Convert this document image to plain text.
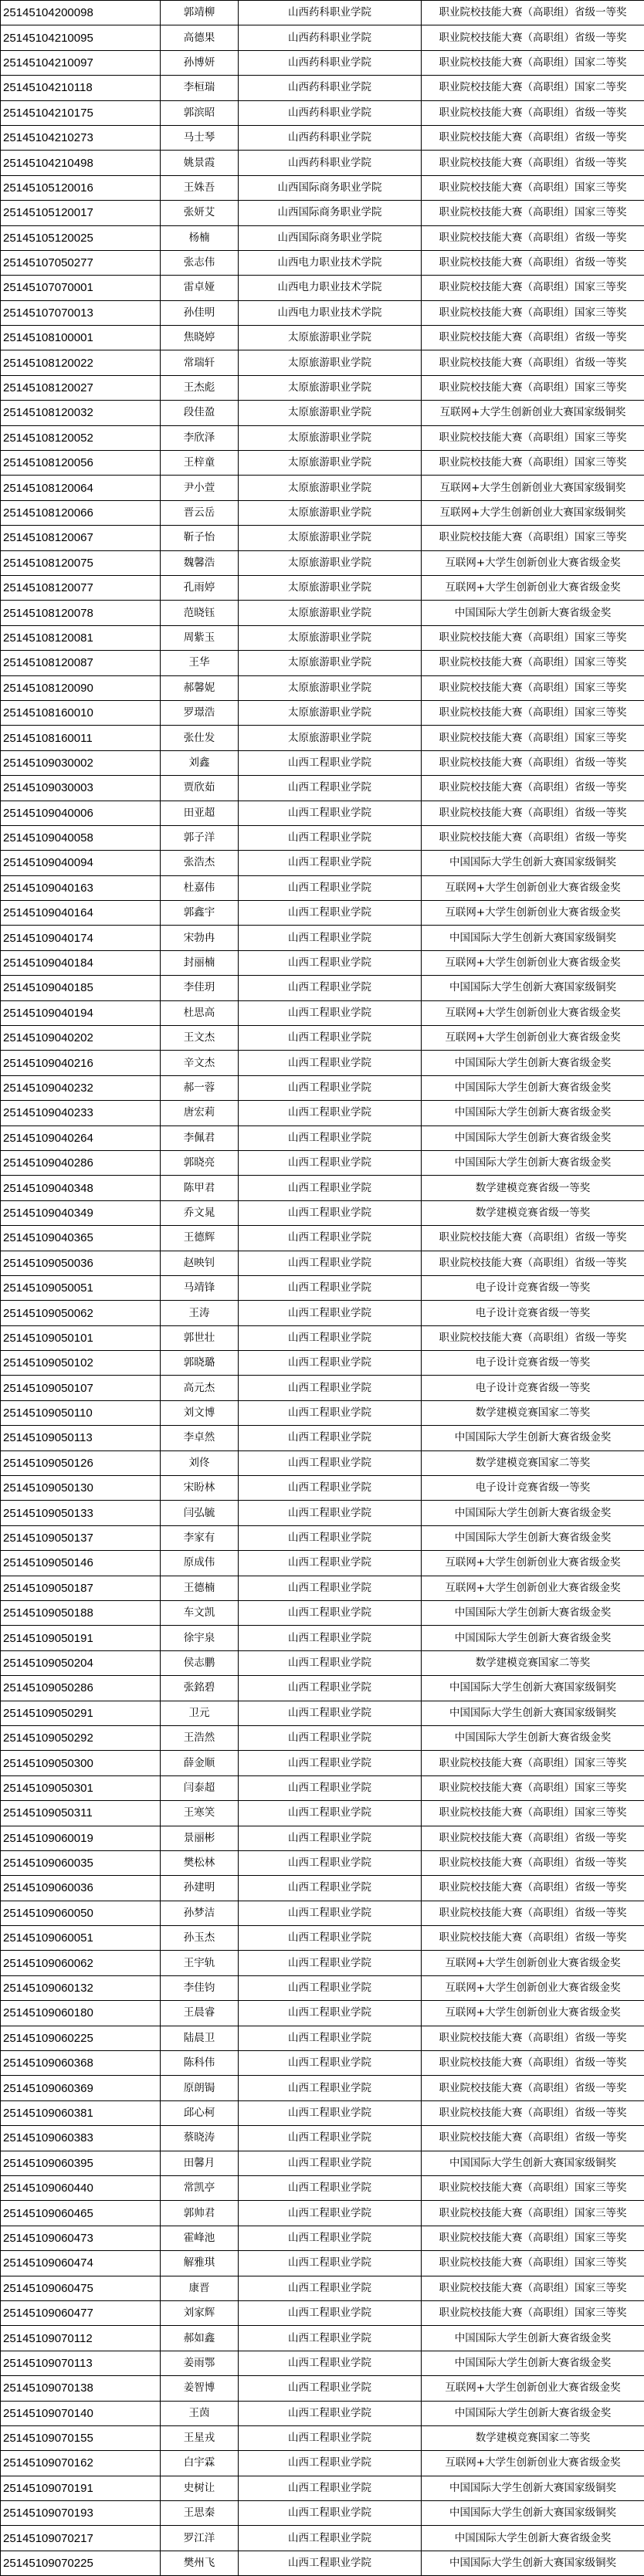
25145104200098	郭靖柳	山西药科职业学院	职业院校技能大赛（高职组）省级一等奖
25145104210095	高德果	山西药科职业学院	职业院校技能大赛（高职组）省级一等奖
25145104210097	孙博妍	山西药科职业学院	职业院校技能大赛（高职组）国家二等奖
25145104210118	李桓瑞	山西药科职业学院	职业院校技能大赛（高职组）国家二等奖
25145104210175	郭滨昭	山西药科职业学院	职业院校技能大赛（高职组）省级一等奖
25145104210273	马士琴	山西药科职业学院	职业院校技能大赛（高职组）省级一等奖
25145104210498	姚景霞	山西药科职业学院	职业院校技能大赛（高职组）省级一等奖
25145105120016	王姝吾	山西国际商务职业学院	职业院校技能大赛（高职组）国家三等奖
25145105120017	张妍艾	山西国际商务职业学院	职业院校技能大赛（高职组）国家三等奖
25145105120025	杨楠	山西国际商务职业学院	职业院校技能大赛（高职组）省级一等奖
25145107050277	张志伟	山西电力职业技术学院	职业院校技能大赛（高职组）省级一等奖
25145107070001	雷卓娅	山西电力职业技术学院	职业院校技能大赛（高职组）国家三等奖
25145107070013	孙佳明	山西电力职业技术学院	职业院校技能大赛（高职组）国家三等奖
25145108100001	焦晓婷	太原旅游职业学院	职业院校技能大赛（高职组）省级一等奖
25145108120022	常瑞轩	太原旅游职业学院	职业院校技能大赛（高职组）省级一等奖
25145108120027	王杰彪	太原旅游职业学院	职业院校技能大赛（高职组）国家三等奖
25145108120032	段佳盈	太原旅游职业学院	互联网+大学生创新创业大赛国家级铜奖
25145108120052	李欣泽	太原旅游职业学院	职业院校技能大赛（高职组）国家三等奖
25145108120056	王梓童	太原旅游职业学院	职业院校技能大赛（高职组）国家三等奖
25145108120064	尹小萱	太原旅游职业学院	互联网+大学生创新创业大赛国家级铜奖
25145108120066	晋云岳	太原旅游职业学院	互联网+大学生创新创业大赛国家级铜奖
25145108120067	靳子怡	太原旅游职业学院	职业院校技能大赛（高职组）国家三等奖
25145108120075	魏馨浩	太原旅游职业学院	互联网+大学生创新创业大赛省级金奖
25145108120077	孔雨婷	太原旅游职业学院	互联网+大学生创新创业大赛省级金奖
25145108120078	范晓钰	太原旅游职业学院	中国国际大学生创新大赛省级金奖
25145108120081	周紫玉	太原旅游职业学院	职业院校技能大赛（高职组）国家三等奖
25145108120087	王华	太原旅游职业学院	职业院校技能大赛（高职组）国家三等奖
25145108120090	郝馨妮	太原旅游职业学院	职业院校技能大赛（高职组）国家三等奖
25145108160010	罗璟浩	太原旅游职业学院	职业院校技能大赛（高职组）国家三等奖
25145108160011	张仕发	太原旅游职业学院	职业院校技能大赛（高职组）国家三等奖
25145109030002	刘鑫	山西工程职业学院	职业院校技能大赛（高职组）省级一等奖
25145109030003	贾欣茹	山西工程职业学院	职业院校技能大赛（高职组）省级一等奖
25145109040006	田亚超	山西工程职业学院	职业院校技能大赛（高职组）省级一等奖
25145109040058	郭子洋	山西工程职业学院	职业院校技能大赛（高职组）省级一等奖
25145109040094	张浩杰	山西工程职业学院	中国国际大学生创新大赛国家级铜奖
25145109040163	杜嘉伟	山西工程职业学院	互联网+大学生创新创业大赛省级金奖
25145109040164	郭鑫宇	山西工程职业学院	互联网+大学生创新创业大赛省级金奖
25145109040174	宋勃冉	山西工程职业学院	中国国际大学生创新大赛国家级铜奖
25145109040184	封丽楠	山西工程职业学院	互联网+大学生创新创业大赛省级金奖
25145109040185	李佳玥	山西工程职业学院	中国国际大学生创新大赛国家级铜奖
25145109040194	杜思高	山西工程职业学院	互联网+大学生创新创业大赛省级金奖
25145109040202	王文杰	山西工程职业学院	互联网+大学生创新创业大赛省级金奖
25145109040216	辛文杰	山西工程职业学院	中国国际大学生创新大赛省级金奖
25145109040232	郝一蓉	山西工程职业学院	中国国际大学生创新大赛省级金奖
25145109040233	唐宏莉	山西工程职业学院	中国国际大学生创新大赛省级金奖
25145109040264	李佩君	山西工程职业学院	中国国际大学生创新大赛省级金奖
25145109040286	郭晓亮	山西工程职业学院	中国国际大学生创新大赛省级金奖
25145109040348	陈甲君	山西工程职业学院	数学建模竞赛省级一等奖
25145109040349	乔文晁	山西工程职业学院	数学建模竞赛省级一等奖
25145109040365	王德辉	山西工程职业学院	职业院校技能大赛（高职组）省级一等奖
25145109050036	赵映钊	山西工程职业学院	职业院校技能大赛（高职组）省级一等奖
25145109050051	马靖锋	山西工程职业学院	电子设计竞赛省级一等奖
25145109050062	王涛	山西工程职业学院	电子设计竞赛省级一等奖
25145109050101	郭世壮	山西工程职业学院	职业院校技能大赛（高职组）省级一等奖
25145109050102	郭晓璐	山西工程职业学院	电子设计竞赛省级一等奖
25145109050107	高元杰	山西工程职业学院	电子设计竞赛省级一等奖
25145109050110	刘文博	山西工程职业学院	数学建模竞赛国家二等奖
25145109050113	李卓然	山西工程职业学院	中国国际大学生创新大赛省级金奖
25145109050126	刘佟	山西工程职业学院	数学建模竞赛国家二等奖
25145109050130	宋盼林	山西工程职业学院	电子设计竞赛省级一等奖
25145109050133	闫弘毓	山西工程职业学院	中国国际大学生创新大赛省级金奖
25145109050137	李家有	山西工程职业学院	中国国际大学生创新大赛省级金奖
25145109050146	原成伟	山西工程职业学院	互联网+大学生创新创业大赛省级金奖
25145109050187	王德楠	山西工程职业学院	互联网+大学生创新创业大赛省级金奖
25145109050188	车文凯	山西工程职业学院	中国国际大学生创新大赛省级金奖
25145109050191	徐宇泉	山西工程职业学院	中国国际大学生创新大赛省级金奖
25145109050204	侯志鹏	山西工程职业学院	数学建模竞赛国家二等奖
25145109050286	张銘碧	山西工程职业学院	中国国际大学生创新大赛国家级铜奖
25145109050291	卫元	山西工程职业学院	中国国际大学生创新大赛国家级铜奖
25145109050292	王浩然	山西工程职业学院	中国国际大学生创新大赛省级金奖
25145109050300	薛金顺	山西工程职业学院	职业院校技能大赛（高职组）国家三等奖
25145109050301	闫泰超	山西工程职业学院	职业院校技能大赛（高职组）国家三等奖
25145109050311	王寒笑	山西工程职业学院	职业院校技能大赛（高职组）国家三等奖
25145109060019	景丽彬	山西工程职业学院	职业院校技能大赛（高职组）省级一等奖
25145109060035	樊松林	山西工程职业学院	职业院校技能大赛（高职组）省级一等奖
25145109060036	孙建明	山西工程职业学院	职业院校技能大赛（高职组）省级一等奖
25145109060050	孙梦洁	山西工程职业学院	职业院校技能大赛（高职组）省级一等奖
25145109060051	孙玉杰	山西工程职业学院	职业院校技能大赛（高职组）省级一等奖
25145109060062	王宇轨	山西工程职业学院	互联网+大学生创新创业大赛省级金奖
25145109060132	李佳钧	山西工程职业学院	互联网+大学生创新创业大赛省级金奖
25145109060180	王晨睿	山西工程职业学院	互联网+大学生创新创业大赛省级金奖
25145109060225	陆晨卫	山西工程职业学院	职业院校技能大赛（高职组）省级一等奖
25145109060368	陈科伟	山西工程职业学院	职业院校技能大赛（高职组）省级一等奖
25145109060369	原朗锔	山西工程职业学院	职业院校技能大赛（高职组）省级一等奖
25145109060381	邱心柯	山西工程职业学院	职业院校技能大赛（高职组）省级一等奖
25145109060383	蔡晓涛	山西工程职业学院	职业院校技能大赛（高职组）省级一等奖
25145109060395	田馨月	山西工程职业学院	中国国际大学生创新大赛国家级铜奖
25145109060440	常凯亭	山西工程职业学院	职业院校技能大赛（高职组）国家三等奖
25145109060465	郭帅君	山西工程职业学院	职业院校技能大赛（高职组）国家三等奖
25145109060473	霍峰池	山西工程职业学院	职业院校技能大赛（高职组）国家三等奖
25145109060474	解雅琪	山西工程职业学院	职业院校技能大赛（高职组）国家三等奖
25145109060475	康晋	山西工程职业学院	职业院校技能大赛（高职组）国家三等奖
25145109060477	刘家辉	山西工程职业学院	职业院校技能大赛（高职组）国家三等奖
25145109070112	郝如鑫	山西工程职业学院	中国国际大学生创新大赛省级金奖
25145109070113	姜雨鄂	山西工程职业学院	中国国际大学生创新大赛省级金奖
25145109070138	姜智博	山西工程职业学院	互联网+大学生创新创业大赛省级金奖
25145109070140	王茵	山西工程职业学院	中国国际大学生创新大赛省级金奖
25145109070155	王星戎	山西工程职业学院	数学建模竞赛国家二等奖
25145109070162	白宇霖	山西工程职业学院	互联网+大学生创新创业大赛省级金奖
25145109070191	史树让	山西工程职业学院	中国国际大学生创新大赛国家级铜奖
25145109070193	王思秦	山西工程职业学院	中国国际大学生创新大赛国家级铜奖
25145109070217	罗江洋	山西工程职业学院	中国国际大学生创新大赛省级金奖
25145109070225	樊州飞	山西工程职业学院	中国国际大学生创新大赛国家级铜奖
